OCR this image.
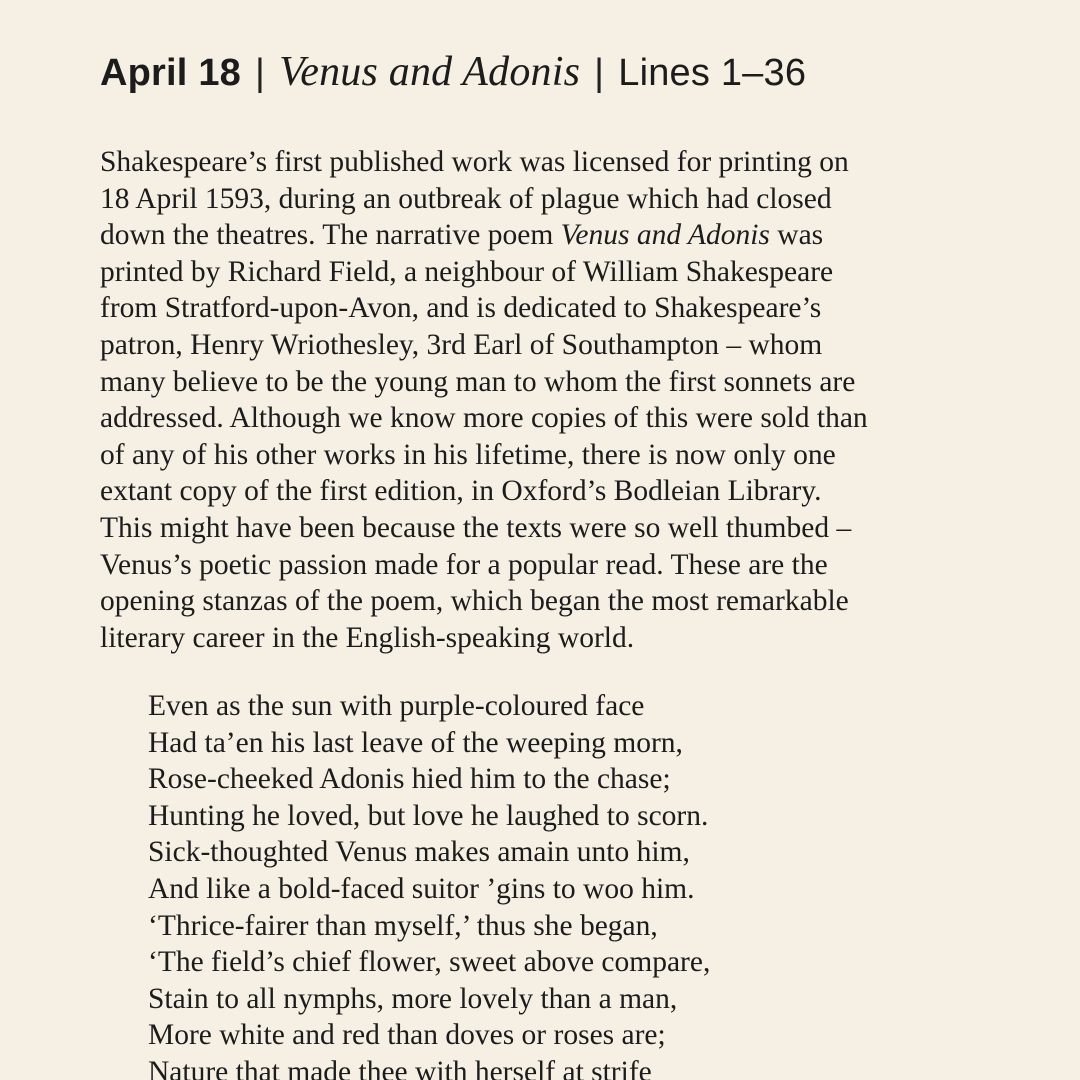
April 18 | Venus and Adonis | Lines 1–36
Shakespeare’s first published work was licensed for printing on
18 April 1593, during an outbreak of plague which had closed
down the theatres. The narrative poem Venus and Adonis was
printed by Richard Field, a neighbour of William Shakespeare
from Stratford-upon-Avon, and is dedicated to Shakespeare’s
patron, Henry Wriothesley, 3rd Earl of Southampton – whom
many believe to be the young man to whom the first sonnets are
addressed. Although we know more copies of this were sold than
of any of his other works in his lifetime, there is now only one
extant copy of the first edition, in Oxford’s Bodleian Library.
This might have been because the texts were so well thumbed –
Venus’s poetic passion made for a popular read. These are the
opening stanzas of the poem, which began the most remarkable
literary career in the English-speaking world.
Even as the sun with purple-coloured face
Had ta’en his last leave of the weeping morn,
Rose-cheeked Adonis hied him to the chase;
Hunting he loved, but love he laughed to scorn.
Sick-thoughted Venus makes amain unto him,
And like a bold-faced suitor ’gins to woo him.
‘Thrice-fairer than myself,’ thus she began,
‘The field’s chief flower, sweet above compare,
Stain to all nymphs, more lovely than a man,
More white and red than doves or roses are;
Nature that made thee with herself at strife
